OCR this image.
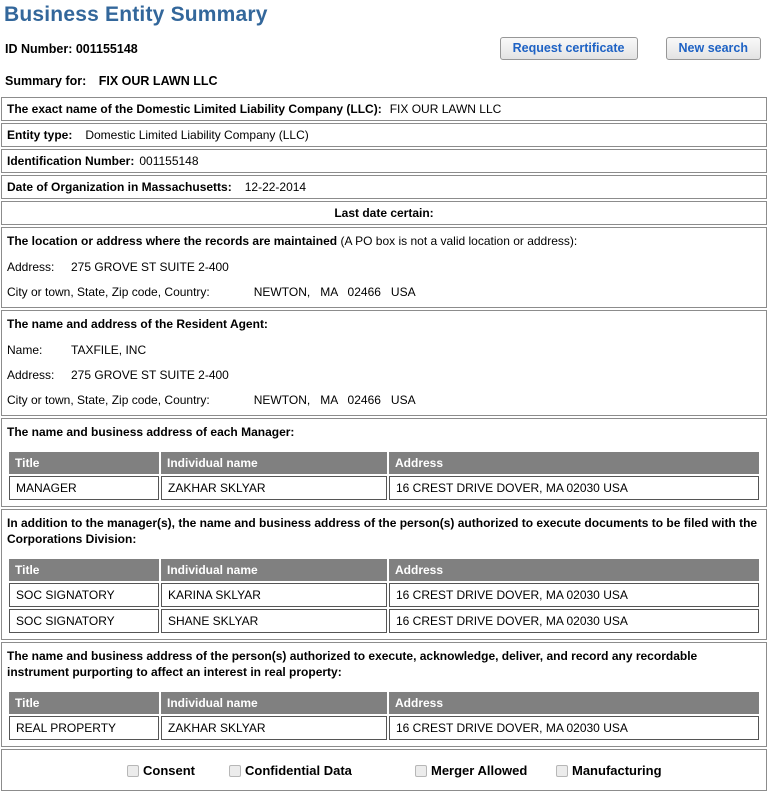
Business Entity Summary
ID Number: 001155148	Request certificate	New search
Summary for: FIX OUR LAWN LLC
The exact name of the Domestic Limited Liability Company (LLC): FIX OUR LAWN LLC
Entity type: Domestic Limited Liability Company (LLC)
Identification Number: 001155148
Date of Organization in Massachusetts: 12-22-2014
Last date certain:

The location or address where the records are maintained (A PO box is not a valid location or address):

Address: 275 GROVE ST SUITE 2-400

City or town, State, Zip code, Country:	NEWTON,   MA   02466   USA

The name and address of the Resident Agent:

Name: TAXFILE, INC

Address: 275 GROVE ST SUITE 2-400

City or town, State, Zip code, Country:	NEWTON,   MA   02466   USA

The name and business address of each Manager:

Title	Individual name	Address
MANAGER	ZAKHAR SKLYAR	16 CREST DRIVE DOVER, MA 02030 USA

In addition to the manager(s), the name and business address of the person(s) authorized to execute documents to be filed with the Corporations Division:

Title	Individual name	Address
SOC SIGNATORY	KARINA SKLYAR	16 CREST DRIVE DOVER, MA 02030 USA
SOC SIGNATORY	SHANE SKLYAR	16 CREST DRIVE DOVER, MA 02030 USA

The name and business address of the person(s) authorized to execute, acknowledge, deliver, and record any recordable instrument purporting to affect an interest in real property:

Title	Individual name	Address
REAL PROPERTY	ZAKHAR SKLYAR	16 CREST DRIVE DOVER, MA 02030 USA
Consent	Confidential Data	Merger Allowed	Manufacturing
